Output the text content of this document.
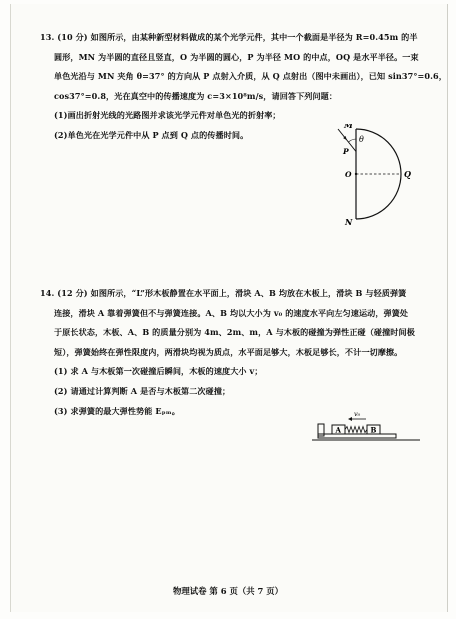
13. (10 分) 如图所示，由某种新型材料做成的某个光学元件，其中一个截面是半径为 R=0.45m 的半

圆形，MN 为半圆的直径且竖直，O 为半圆的圆心，P 为半径 MO 的中点，OQ 是水平半径。一束

单色光沿与 MN 夹角 θ=37° 的方向从 P 点射入介质，从 Q 点射出（图中未画出），已知 sin37°=0.6，

cos37°=0.8，光在真空中的传播速度为 c=3×10⁸m/s，请回答下列问题：

(1)画出折射光线的光路图并求该光学元件对单色光的折射率；

(2)单色光在光学元件中从 P 点到 Q 点的传播时间。	θ
M
P
O	Q
N

14. (12 分) 如图所示，“L”形木板静置在水平面上，滑块 A、B 均放在木板上，滑块 B 与轻质弹簧

连接，滑块 A 靠着弹簧但不与弹簧连接。A、B 均以大小为 v₀ 的速度水平向左匀速运动，弹簧处

于原长状态，木板、A、B 的质量分别为 4m、2m、m，A 与木板的碰撞为弹性正碰（碰撞时间极

短），弹簧始终在弹性限度内，两滑块均视为质点，水平面足够大，木板足够长，不计一切摩擦。

(1) 求 A 与木板第一次碰撞后瞬间，木板的速度大小 v；

(2) 请通过计算判断 A 是否与木板第二次碰撞；

(3) 求弹簧的最大弹性势能 Eₚₘ。

A	B
v₀
物理试卷 第 6 页（共 7 页）
